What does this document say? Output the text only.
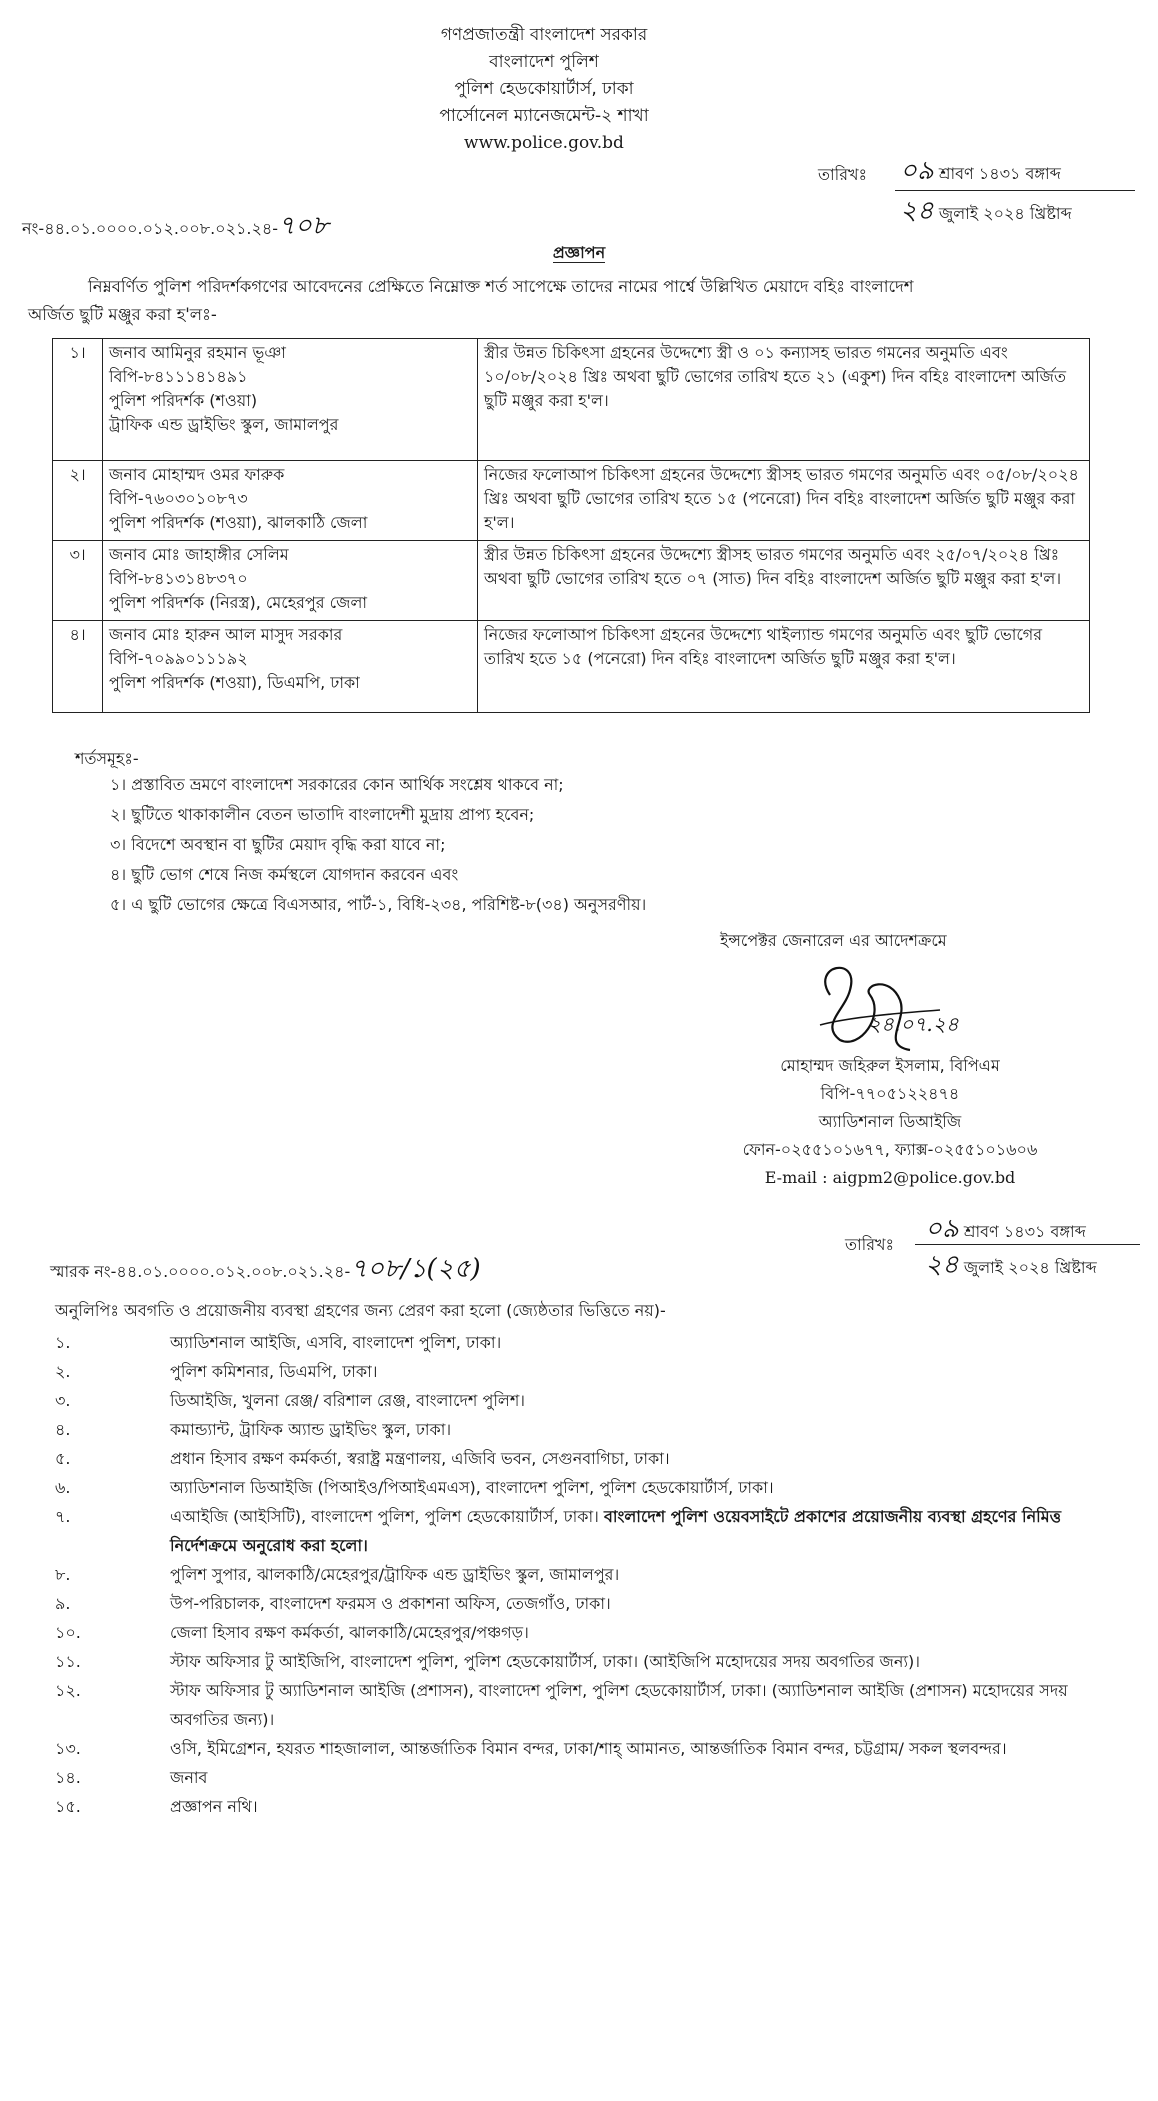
গণপ্রজাতন্ত্রী বাংলাদেশ সরকার
বাংলাদেশ পুলিশ
পুলিশ হেডকোয়ার্টার্স, ঢাকা
পার্সোনেল ম্যানেজমেন্ট-২ শাখা
www.police.gov.bd
তারিখঃ ০৯ শ্রাবণ ১৪৩১ বঙ্গাব্দ
২৪ জুলাই ২০২৪ খ্রিষ্টাব্দ
নং-৪৪.০১.০০০০.০১২.০০৮.০২১.২৪-৭০৮
প্রজ্ঞাপন
নিম্নবর্ণিত পুলিশ পরিদর্শকগণের আবেদনের প্রেক্ষিতে নিম্নোক্ত শর্ত সাপেক্ষে তাদের নামের পার্শ্বে উল্লিখিত মেয়াদে বহিঃ বাংলাদেশ
অর্জিত ছুটি মঞ্জুর করা হ'লঃ-
১।	জনাব আমিনুর রহমান ভূঞা
বিপি-৮৪১১১৪১৪৯১
পুলিশ পরিদর্শক (শওয়া)
ট্রাফিক এন্ড ড্রাইভিং স্কুল, জামালপুর	স্ত্রীর উন্নত চিকিৎসা গ্রহনের উদ্দেশ্যে স্ত্রী ও ০১ কন্যাসহ ভারত গমনের অনুমতি এবং ১০/০৮/২০২৪ খ্রিঃ অথবা ছুটি ভোগের তারিখ হতে ২১ (একুশ) দিন বহিঃ বাংলাদেশ অর্জিত ছুটি মঞ্জুর করা হ'ল।
২।	জনাব মোহাম্মদ ওমর ফারুক
বিপি-৭৬০৩০১০৮৭৩
পুলিশ পরিদর্শক (শওয়া), ঝালকাঠি জেলা	নিজের ফলোআপ চিকিৎসা গ্রহনের উদ্দেশ্যে স্ত্রীসহ ভারত গমণের অনুমতি এবং ০৫/০৮/২০২৪ খ্রিঃ অথবা ছুটি ভোগের তারিখ হতে ১৫ (পনেরো) দিন বহিঃ বাংলাদেশ অর্জিত ছুটি মঞ্জুর করা হ'ল।
৩।	জনাব মোঃ জাহাঙ্গীর সেলিম
বিপি-৮৪১৩১৪৮৩৭০
পুলিশ পরিদর্শক (নিরস্ত্র), মেহেরপুর জেলা	স্ত্রীর উন্নত চিকিৎসা গ্রহনের উদ্দেশ্যে স্ত্রীসহ ভারত গমণের অনুমতি এবং ২৫/০৭/২০২৪ খ্রিঃ অথবা ছুটি ভোগের তারিখ হতে ০৭ (সাত) দিন বহিঃ বাংলাদেশ অর্জিত ছুটি মঞ্জুর করা হ'ল।
৪।	জনাব মোঃ হারুন আল মাসুদ সরকার
বিপি-৭০৯৯০১১১৯২
পুলিশ পরিদর্শক (শওয়া), ডিএমপি, ঢাকা	নিজের ফলোআপ চিকিৎসা গ্রহনের উদ্দেশ্যে থাইল্যান্ড গমণের অনুমতি এবং ছুটি ভোগের তারিখ হতে ১৫ (পনেরো) দিন বহিঃ বাংলাদেশ অর্জিত ছুটি মঞ্জুর করা হ'ল।
শর্তসমূহঃ-
১। প্রস্তাবিত ভ্রমণে বাংলাদেশ সরকারের কোন আর্থিক সংশ্লেষ থাকবে না;
২। ছুটিতে থাকাকালীন বেতন ভাতাদি বাংলাদেশী মুদ্রায় প্রাপ্য হবেন;
৩। বিদেশে অবস্থান বা ছুটির মেয়াদ বৃদ্ধি করা যাবে না;
৪। ছুটি ভোগ শেষে নিজ কর্মস্থলে যোগদান করবেন এবং
৫। এ ছুটি ভোগের ক্ষেত্রে বিএসআর, পার্ট-১, বিধি-২৩৪, পরিশিষ্ট-৮(৩৪) অনুসরণীয়।
ইন্সপেক্টর জেনারেল এর আদেশক্রমে
২৪.০৭.২৪
মোহাম্মদ জহিরুল ইসলাম, বিপিএম
বিপি-৭৭০৫১২২৪৭৪
অ্যাডিশনাল ডিআইজি
ফোন-০২৫৫১০১৬৭৭, ফ্যাক্স-০২৫৫১০১৬০৬
E-mail : aigpm2@police.gov.bd
স্মারক নং-৪৪.০১.০০০০.০১২.০০৮.০২১.২৪-৭০৮/১(২৫)
তারিখঃ
০৯ শ্রাবণ ১৪৩১ বঙ্গাব্দ
২৪ জুলাই ২০২৪ খ্রিষ্টাব্দ
অনুলিপিঃ অবগতি ও প্রয়োজনীয় ব্যবস্থা গ্রহণের জন্য প্রেরণ করা হলো (জ্যেষ্ঠতার ভিত্তিতে নয়)-
১.	অ্যাডিশনাল আইজি, এসবি, বাংলাদেশ পুলিশ, ঢাকা।
২.	পুলিশ কমিশনার, ডিএমপি, ঢাকা।
৩.	ডিআইজি, খুলনা রেঞ্জ/ বরিশাল রেঞ্জ, বাংলাদেশ পুলিশ।
৪.	কমান্ড্যান্ট, ট্রাফিক অ্যান্ড ড্রাইভিং স্কুল, ঢাকা।
৫.	প্রধান হিসাব রক্ষণ কর্মকর্তা, স্বরাষ্ট্র মন্ত্রণালয়, এজিবি ভবন, সেগুনবাগিচা, ঢাকা।
৬.	অ্যাডিশনাল ডিআইজি (পিআইও/পিআইএমএস), বাংলাদেশ পুলিশ, পুলিশ হেডকোয়ার্টার্স, ঢাকা।
৭.	এআইজি (আইসিটি), বাংলাদেশ পুলিশ, পুলিশ হেডকোয়ার্টার্স, ঢাকা। বাংলাদেশ পুলিশ ওয়েবসাইটে প্রকাশের প্রয়োজনীয় ব্যবস্থা গ্রহণের নিমিত্ত নির্দেশক্রমে অনুরোধ করা হলো।
৮.	পুলিশ সুপার, ঝালকাঠি/মেহেরপুর/ট্রাফিক এন্ড ড্রাইভিং স্কুল, জামালপুর।
৯.	উপ-পরিচালক, বাংলাদেশ ফরমস ও প্রকাশনা অফিস, তেজগাঁও, ঢাকা।
১০.	জেলা হিসাব রক্ষণ কর্মকর্তা, ঝালকাঠি/মেহেরপুর/পঞ্চগড়।
১১.	স্টাফ অফিসার টু আইজিপি, বাংলাদেশ পুলিশ, পুলিশ হেডকোয়ার্টার্স, ঢাকা। (আইজিপি মহোদয়ের সদয় অবগতির জন্য)।
১২.	স্টাফ অফিসার টু অ্যাডিশনাল আইজি (প্রশাসন), বাংলাদেশ পুলিশ, পুলিশ হেডকোয়ার্টার্স, ঢাকা। (অ্যাডিশনাল আইজি (প্রশাসন) মহোদয়ের সদয় অবগতির জন্য)।
১৩.	ওসি, ইমিগ্রেশন, হযরত শাহজালাল, আন্তর্জাতিক বিমান বন্দর, ঢাকা/শাহ্ আমানত, আন্তর্জাতিক বিমান বন্দর, চট্টগ্রাম/ সকল স্থলবন্দর।
১৪.	জনাব
১৫.	প্রজ্ঞাপন নথি।
